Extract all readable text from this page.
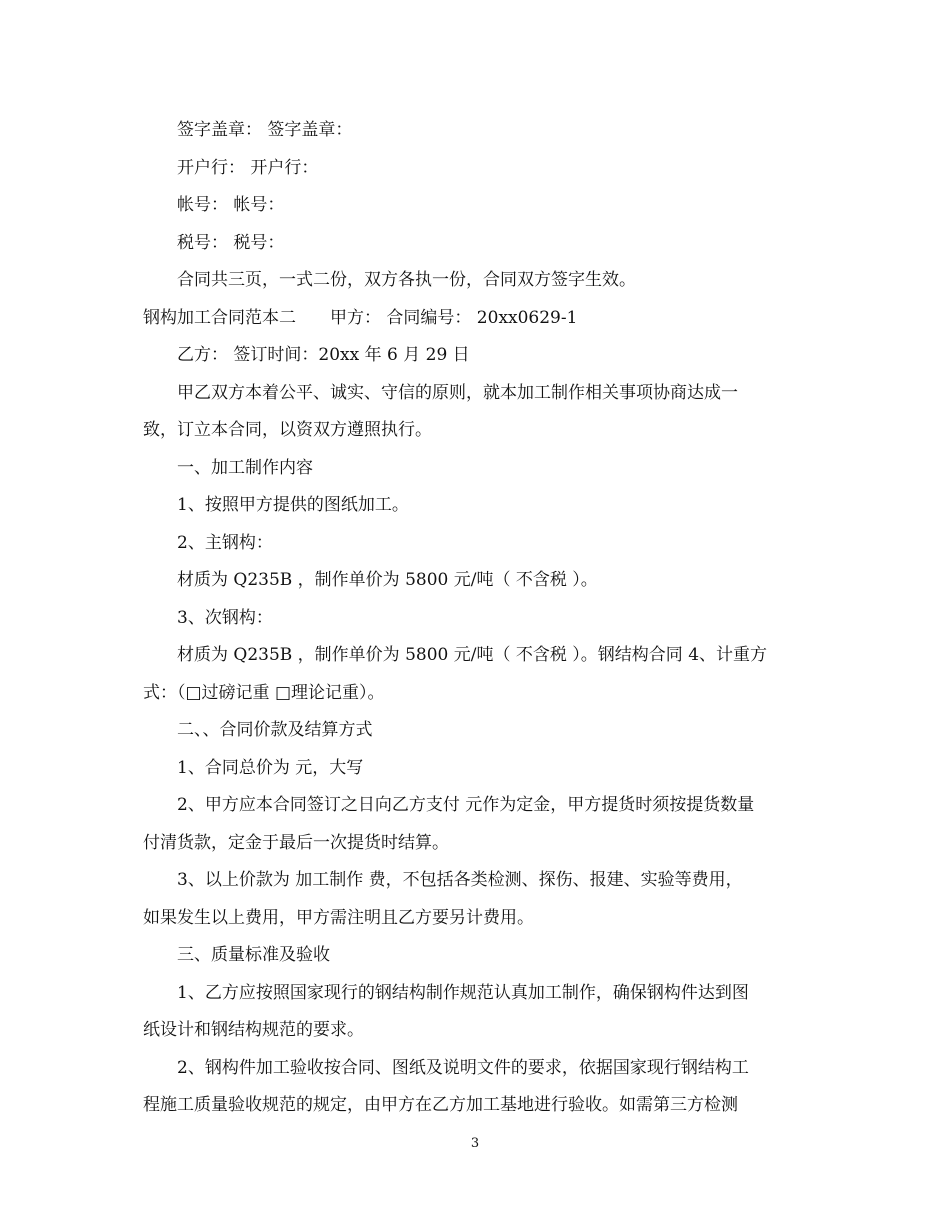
签字盖章： 签字盖章：
开户行： 开户行：
帐号： 帐号：
税号： 税号：
合同共三页，一式二份，双方各执一份，合同双方签字生效。
钢构加工合同范本二　　甲方： 合同编号： 20xx0629-1
乙方： 签订时间：20xx 年 6 月 29 日
甲乙双方本着公平、诚实、守信的原则，就本加工制作相关事项协商达成一
致，订立本合同，以资双方遵照执行。
一、加工制作内容
1、按照甲方提供的图纸加工。
2、主钢构：
材质为 Q235B ，制作单价为 5800 元/吨（ 不含税 ）。
3、次钢构：
材质为 Q235B ，制作单价为 5800 元/吨（ 不含税 ）。钢结构合同 4、计重方
式：（□过磅记重 □理论记重）。
二、、合同价款及结算方式
1、合同总价为 元，大写
2、甲方应本合同签订之日向乙方支付 元作为定金，甲方提货时须按提货数量
付清货款，定金于最后一次提货时结算。
3、以上价款为 加工制作 费，不包括各类检测、探伤、报建、实验等费用，
如果发生以上费用，甲方需注明且乙方要另计费用。
三、质量标准及验收
1、乙方应按照国家现行的钢结构制作规范认真加工制作，确保钢构件达到图
纸设计和钢结构规范的要求。
2、钢构件加工验收按合同、图纸及说明文件的要求，依据国家现行钢结构工
程施工质量验收规范的规定，由甲方在乙方加工基地进行验收。如需第三方检测
3
